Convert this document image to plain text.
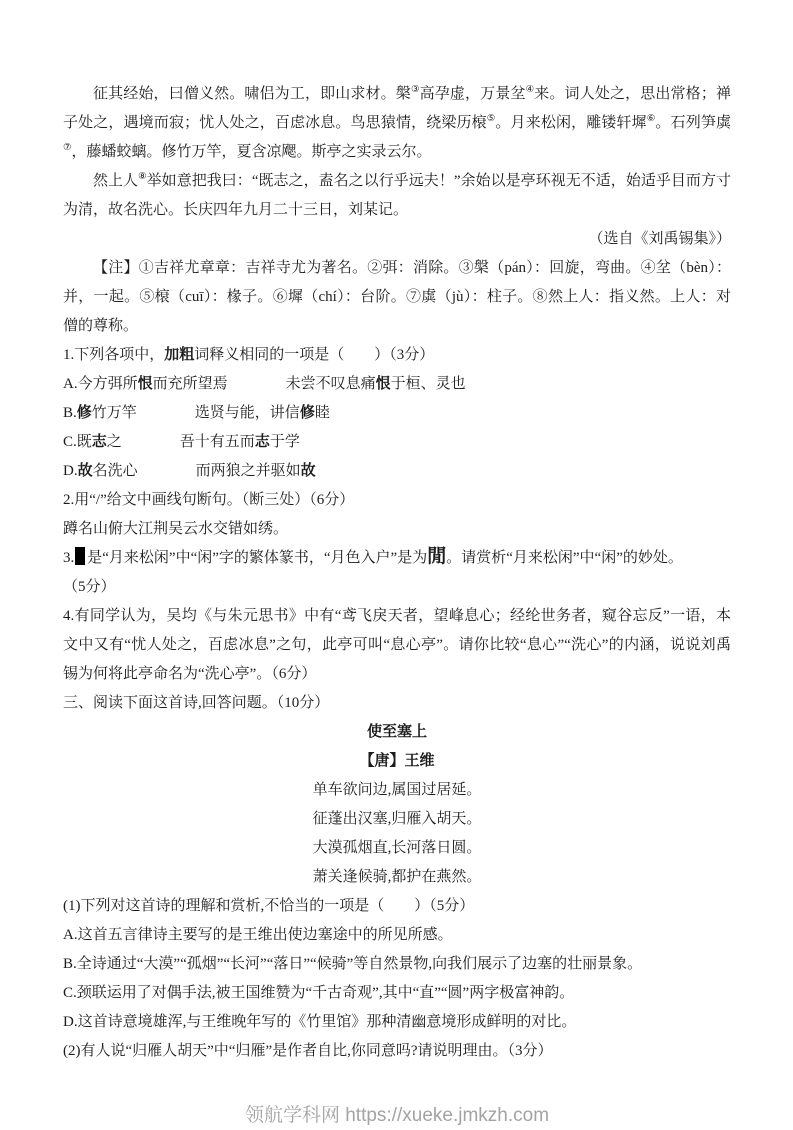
征其经始，曰僧义然。啸侣为工，即山求材。槃③高孕虚，万景坌④来。词人处之，思出常格；禅子处之，遇境而寂；忧人处之，百虑冰息。鸟思猿情，绕梁历榱⑤。月来松闲，雕镂轩墀⑥。石列笋虡⑦，藤蟠蛟螭。修竹万竿，夏含凉飔。斯亭之实录云尔。

然上人⑧举如意把我曰：“既志之，盍名之以行乎远夫！”余始以是亭环视无不适，始适乎目而方寸为清，故名洗心。长庆四年九月二十三日，刘某记。

（选自《刘禹锡集》）

【注】①吉祥尤章章：吉祥寺尤为著名。②弭：消除。③槃（pán）：回旋，弯曲。④坌（bèn）：并，一起。⑤榱（cuī）：椽子。⑥墀（chí）：台阶。⑦虡（jù）：柱子。⑧然上人：指义然。上人：对僧的尊称。

1.下列各项中，加粗词释义相同的一项是（　　）（3分）

A.今方弭所恨而充所望焉	未尝不叹息痛恨于桓、灵也

B.修竹万竿	选贤与能，讲信修睦

C.既志之	吾十有五而志于学

D.故名洗心	而两狼之并驱如故

2.用“/”给文中画线句断句。（断三处）（6分）

蹲名山俯大江荆吴云水交错如绣。

3. 是“月来松闲”中“闲”字的繁体篆书，“月色入户”是为閒。请赏析“月来松闲”中“闲”的妙处。

（5分）

4.有同学认为，吴均《与朱元思书》中有“鸢飞戾天者，望峰息心；经纶世务者，窥谷忘反”一语，本文中又有“忧人处之，百虑冰息”之句，此亭可叫“息心亭”。请你比较“息心”“洗心”的内涵，说说刘禹锡为何将此亭命名为“洗心亭”。（6分）

三、阅读下面这首诗,回答问题。（10分）

使至塞上

【唐】王维

单车欲问边,属国过居延。

征蓬出汉塞,归雁入胡天。

大漠孤烟直,长河落日圆。

萧关逢候骑,都护在燕然。

(1)下列对这首诗的理解和赏析,不恰当的一项是（　　）（5分）

A.这首五言律诗主要写的是王维出使边塞途中的所见所感。

B.全诗通过“大漠”“孤烟”“长河”“落日”“候骑”等自然景物,向我们展示了边塞的壮丽景象。

C.颈联运用了对偶手法,被王国维赞为“千古奇观”,其中“直”“圆”两字极富神韵。

D.这首诗意境雄浑,与王维晚年写的《竹里馆》那种清幽意境形成鲜明的对比。

(2)有人说“归雁人胡天”中“归雁”是作者自比,你同意吗?请说明理由。（3分）

领航学科网 https://xueke.jmkzh.com
